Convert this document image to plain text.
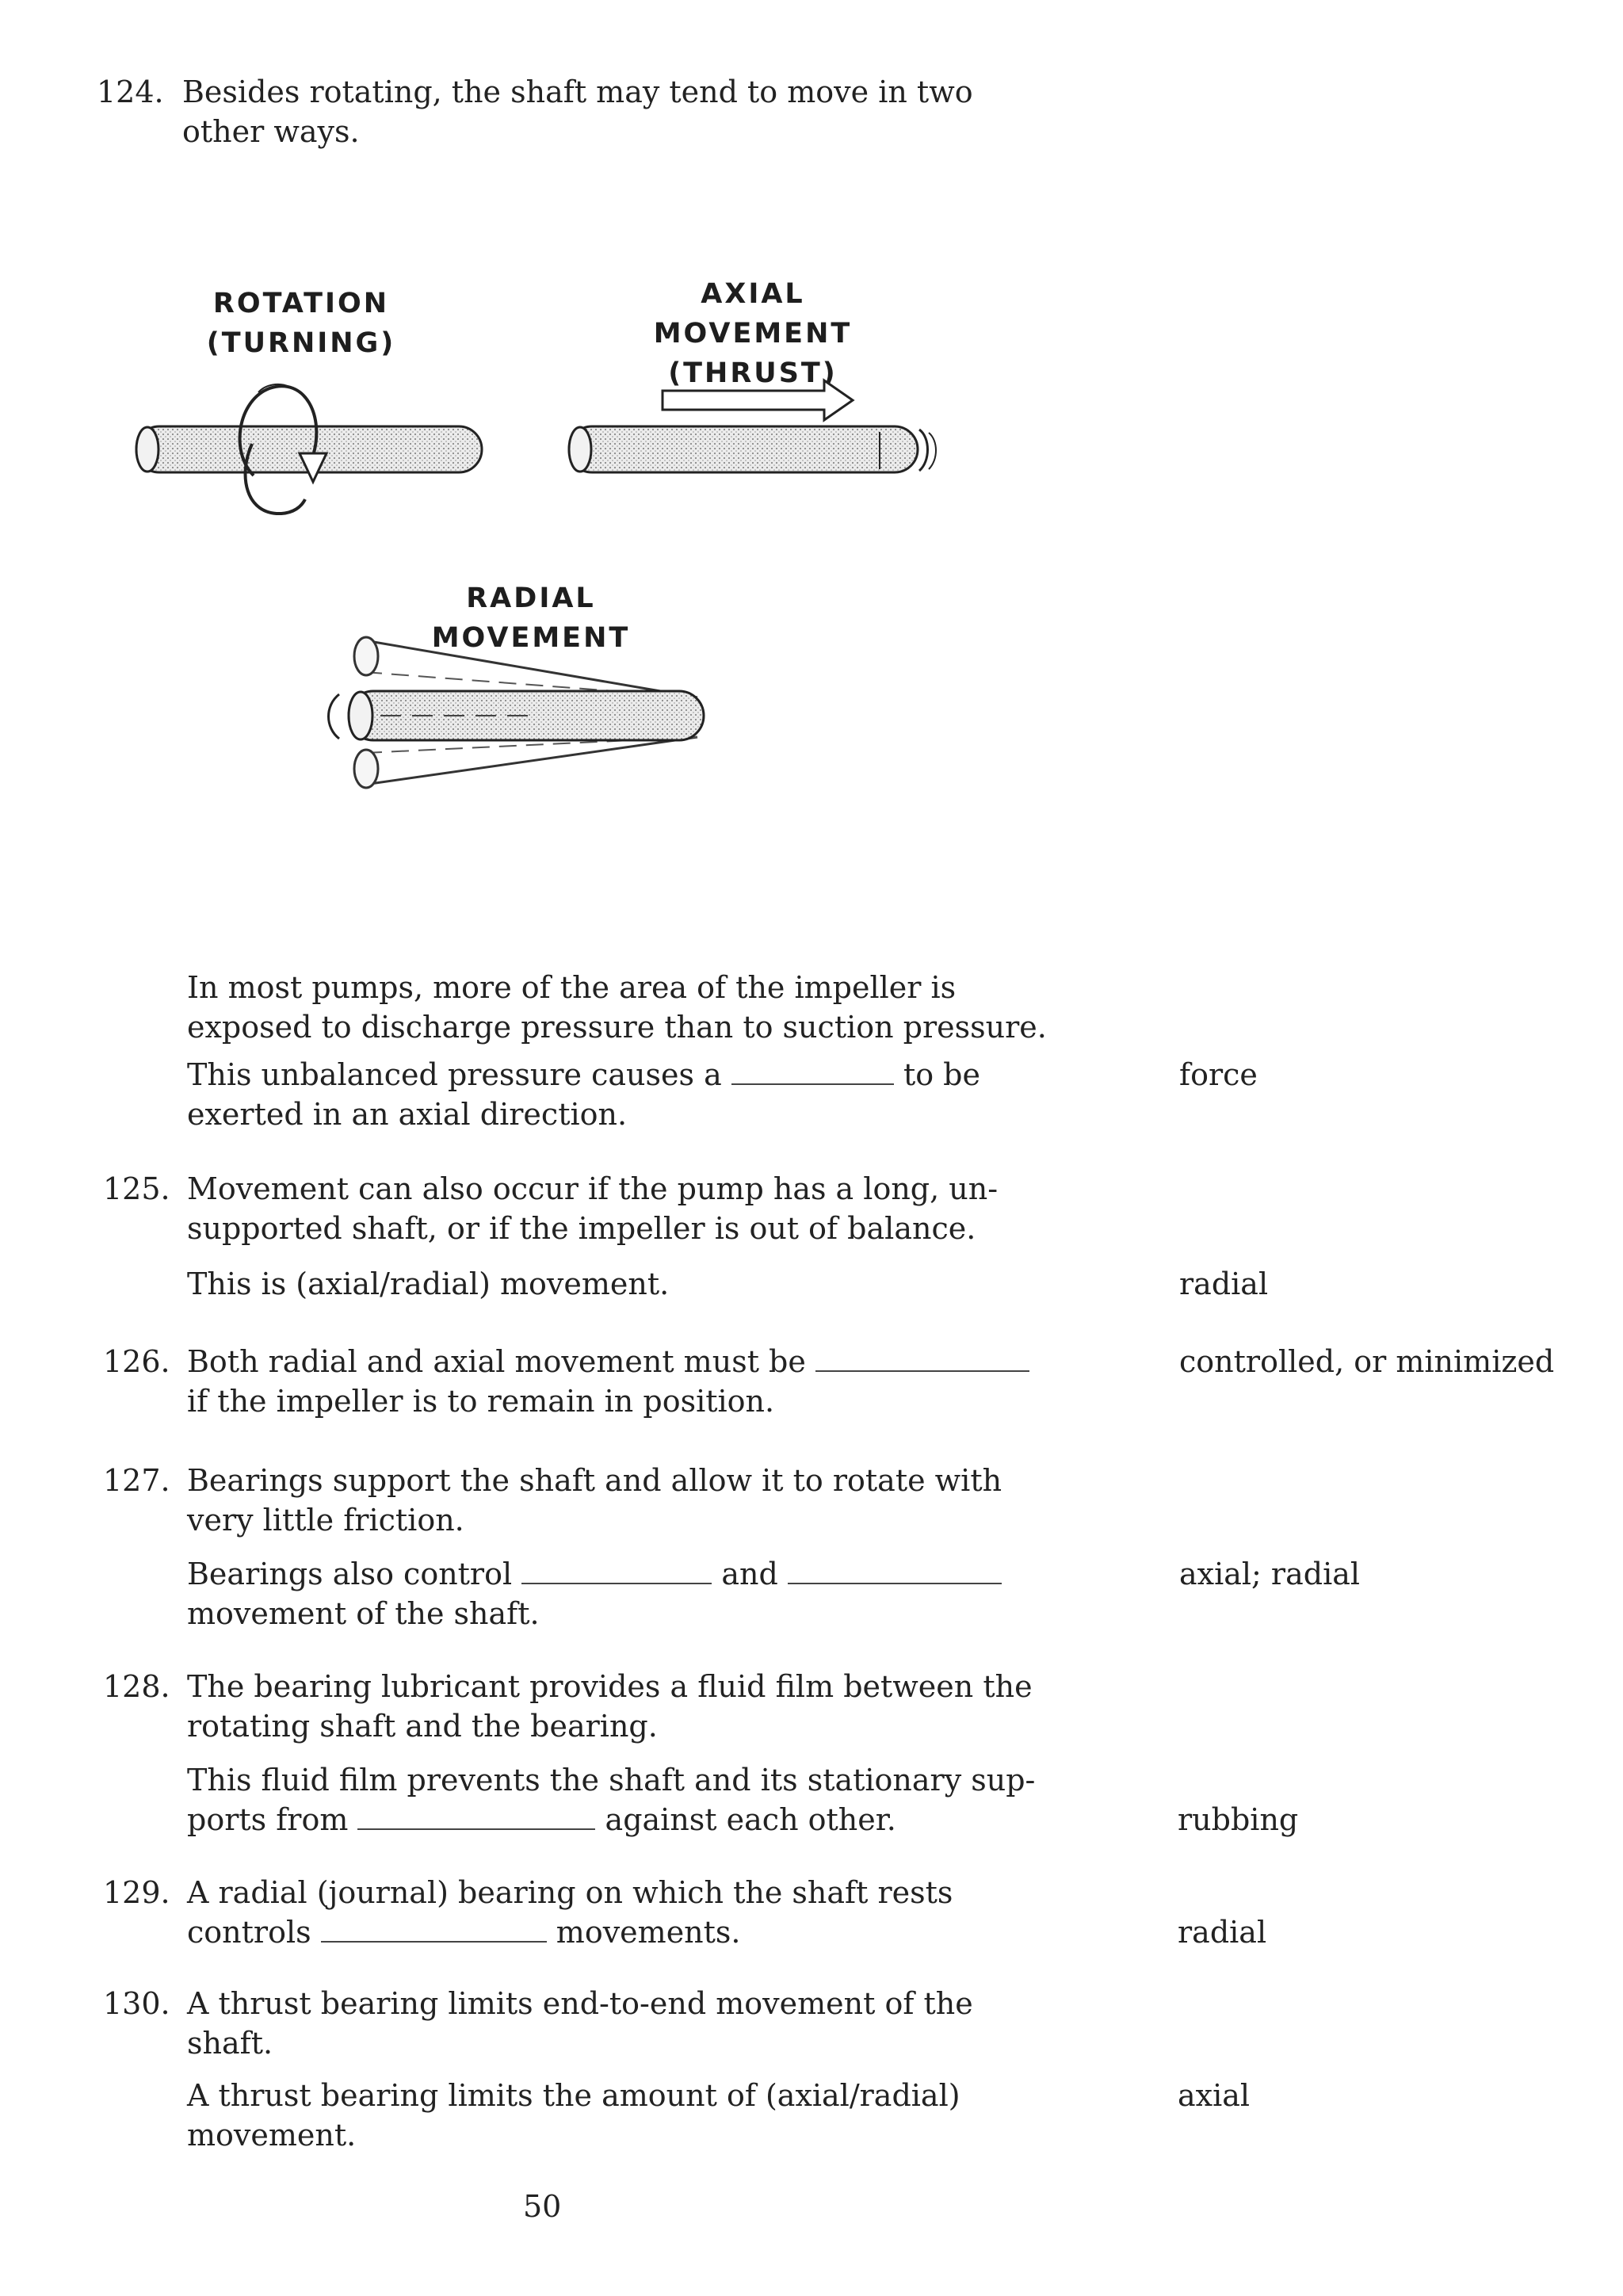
124. Besides rotating, the shaft may tend to move in two
other ways.
ROTATION
(TURNING)
AXIAL MOVEMENT
(THRUST)
RADIAL MOVEMENT
In most pumps, more of the area of the impeller is
exposed to discharge pressure than to suction pressure.
This unbalanced pressure causes a	to be
exerted in an axial direction.
force
125. Movement can also occur if the pump has a long, un-
supported shaft, or if the impeller is out of balance.
This is (axial/radial) movement.	radial
126. Both radial and axial movement must be
if the impeller is to remain in position.
controlled, or minimized
127. Bearings support the shaft and allow it to rotate with
very little friction.
Bearings also control	and
movement of the shaft.
axial; radial
128. The bearing lubricant provides a fluid film between the
rotating shaft and the bearing.
This fluid film prevents the shaft and its stationary sup-
ports from	against each other.	rubbing
129. A radial (journal) bearing on which the shaft rests
controls	movements.	radial
130. A thrust bearing limits end-to-end movement of the
shaft.
A thrust bearing limits the amount of (axial/radial)
movement.
axial
50
